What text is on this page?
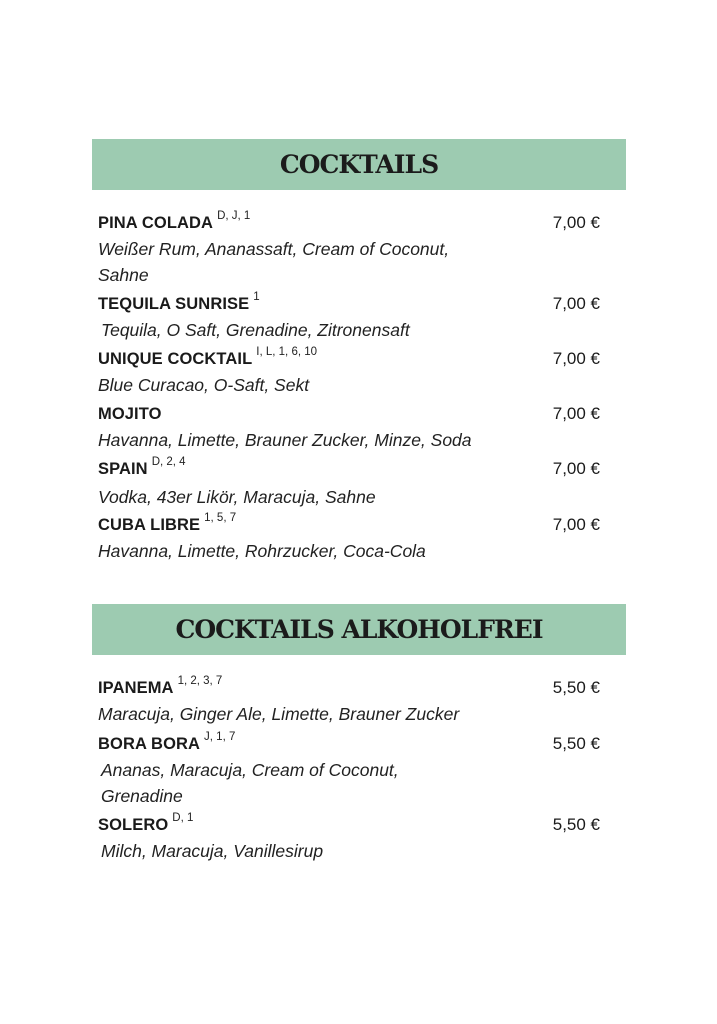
COCKTAILS
PINA COLADA $^{D, J, 1}$	7,00 €
Weißer Rum, Ananassaft, Cream of Coconut, Sahne
TEQUILA SUNRISE $^1$	7,00 €
Tequila, O Saft, Grenadine, Zitronensaft
UNIQUE COCKTAIL $^{I, L, 1, 6, 10}$	7,00 €
Blue Curacao, O-Saft, Sekt
MOJITO	7,00 €
Havanna, Limette, Brauner Zucker, Minze, Soda
SPAIN $^{D, 2, 4}$	7,00 €
Vodka, 43er Likör, Maracuja, Sahne
CUBA LIBRE $^{1, 5, 7}$	7,00 €
Havanna, Limette, Rohrzucker, Coca-Cola
COCKTAILS ALKOHOLFREI
IPANEMA $^{1, 2, 3, 7}$	5,50 €
Maracuja, Ginger Ale, Limette, Brauner Zucker
BORA BORA $^{J, 1, 7}$	5,50 €
Ananas, Maracuja, Cream of Coconut, Grenadine
SOLERO $^{D, 1}$	5,50 €
Milch, Maracuja, Vanillesirup
